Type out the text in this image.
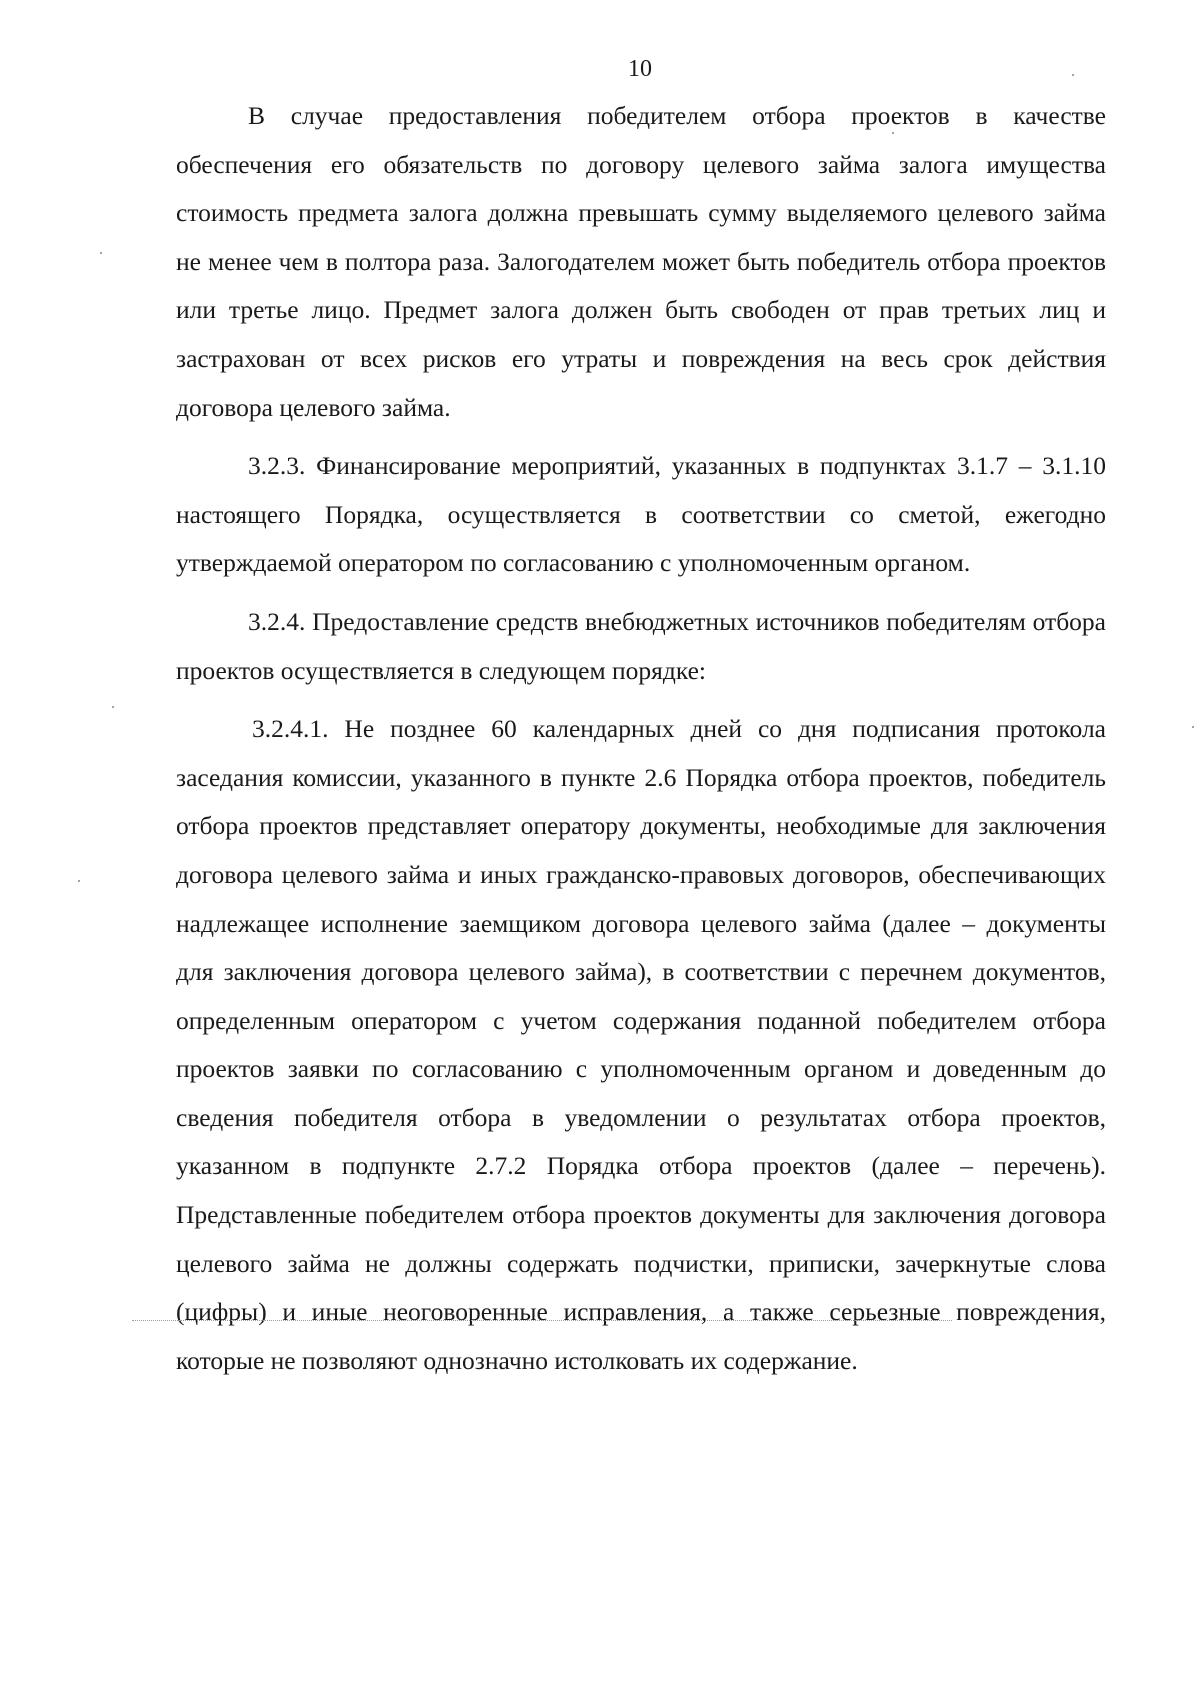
10

В случае предоставления победителем отбора проектов в качестве обеспечения его обязательств по договору целевого займа залога имущества стоимость предмета залога должна превышать сумму выделяемого целевого займа не менее чем в полтора раза. Залогодателем может быть победитель отбора проектов или третье лицо. Предмет залога должен быть свободен от прав третьих лиц и застрахован от всех рисков его утраты и повреждения на весь срок действия договора целевого займа.

3.2.3. Финансирование мероприятий, указанных в подпунктах 3.1.7 – 3.1.10 настоящего Порядка, осуществляется в соответствии со сметой, ежегодно утверждаемой оператором по согласованию с уполномоченным органом.

3.2.4. Предоставление средств внебюджетных источников победителям отбора проектов осуществляется в следующем порядке:

3.2.4.1. Не позднее 60 календарных дней со дня подписания протокола заседания комиссии, указанного в пункте 2.6 Порядка отбора проектов, победитель отбора проектов представляет оператору документы, необходимые для заключения договора целевого займа и иных гражданско-правовых договоров, обеспечивающих надлежащее исполнение заемщиком договора целевого займа (далее – документы для заключения договора целевого займа), в соответствии с перечнем документов, определенным оператором с учетом содержания поданной победителем отбора проектов заявки по согласованию с уполномоченным органом и доведенным до сведения победителя отбора в уведомлении о результатах отбора проектов, указанном в подпункте 2.7.2 Порядка отбора проектов (далее – перечень). Представленные победителем отбора проектов документы для заключения договора целевого займа не должны содержать подчистки, приписки, зачеркнутые слова (цифры) и иные неоговоренные исправления, а также серьезные повреждения, которые не позволяют однозначно истолковать их содержание.
